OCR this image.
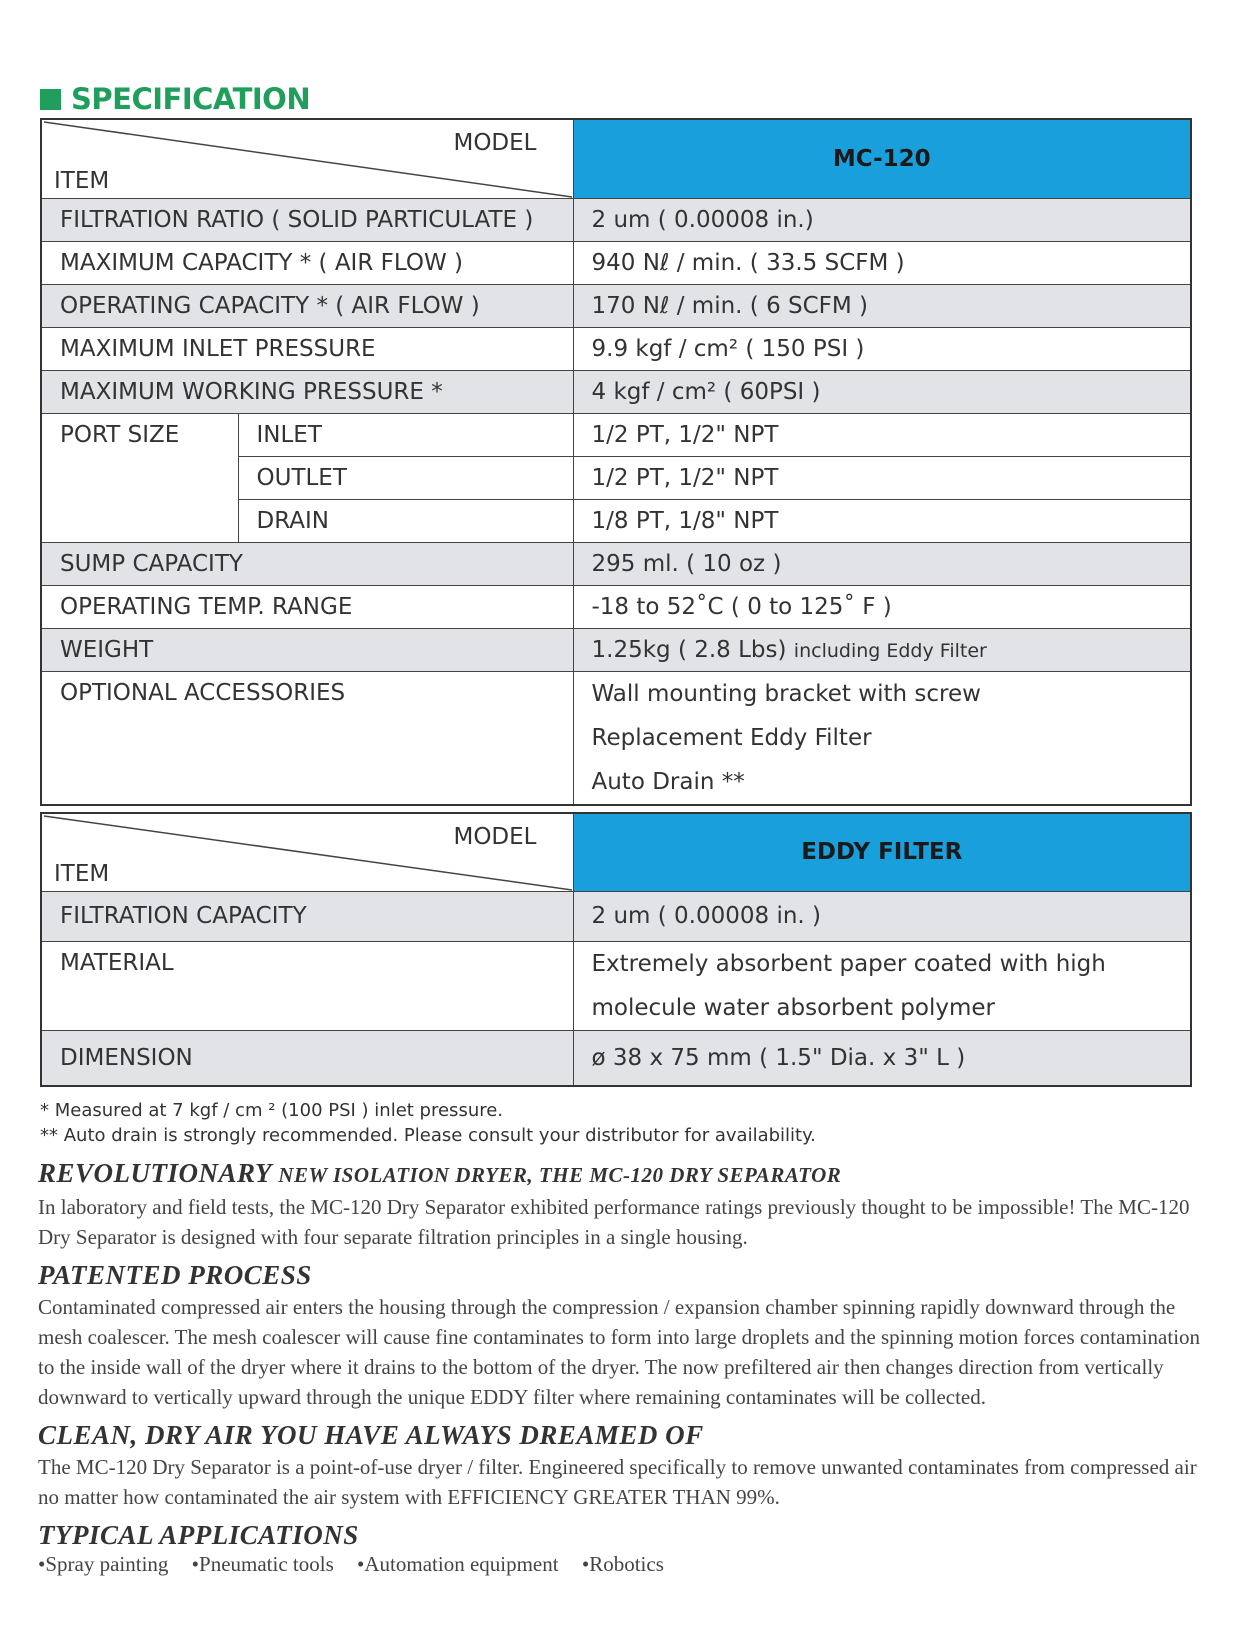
SPECIFICATION
MODEL
ITEM		MC-120
FILTRATION RATIO ( SOLID PARTICULATE )		2 um ( 0.00008 in.)
MAXIMUM CAPACITY * ( AIR FLOW )		940 Nℓ / min. ( 33.5 SCFM )
OPERATING CAPACITY * ( AIR FLOW )		170 Nℓ / min. ( 6 SCFM )
MAXIMUM INLET PRESSURE		9.9 kgf / cm² ( 150 PSI )
MAXIMUM WORKING PRESSURE *		4 kgf / cm² ( 60PSI )
PORT SIZE	INLET	1/2 PT, 1/2" NPT
	OUTLET	1/2 PT, 1/2" NPT
	DRAIN	1/8 PT, 1/8" NPT
SUMP CAPACITY		295 ml. ( 10 oz )
OPERATING TEMP. RANGE		-18 to 52˚C ( 0 to 125˚ F )
WEIGHT		1.25kg ( 2.8 Lbs) including Eddy Filter
OPTIONAL ACCESSORIES		Wall mounting bracket with screw
Replacement Eddy Filter
Auto Drain **
MODEL
ITEM	EDDY FILTER
FILTRATION CAPACITY	2 um ( 0.00008 in. )
MATERIAL	Extremely absorbent paper coated with high
molecule water absorbent polymer

DIMENSION	ø 38 x 75 mm ( 1.5" Dia. x 3" L )
* Measured at 7 kgf / cm ² (100 PSI ) inlet pressure.
** Auto drain is strongly recommended. Please consult your distributor for availability.
REVOLUTIONARY NEW ISOLATION DRYER, THE MC-120 DRY SEPARATOR

In laboratory and field tests, the MC-120 Dry Separator exhibited performance ratings previously thought to be impossible! The MC-120 Dry Separator is designed with four separate filtration principles in a single housing.

PATENTED PROCESS

Contaminated compressed air enters the housing through the compression / expansion chamber spinning rapidly downward through the mesh coalescer. The mesh coalescer will cause fine contaminates to form into large droplets and the spinning motion forces contamination to the inside wall of the dryer where it drains to the bottom of the dryer. The now prefiltered air then changes direction from vertically downward to vertically upward through the unique EDDY filter where remaining contaminates will be collected.

CLEAN, DRY AIR YOU HAVE ALWAYS DREAMED OF

The MC-120 Dry Separator is a point-of-use dryer / filter. Engineered specifically to remove unwanted contaminates from compressed air no matter how contaminated the air system with EFFICIENCY GREATER THAN 99%.

TYPICAL APPLICATIONS
•Spray painting •Pneumatic tools •Automation equipment •Robotics
